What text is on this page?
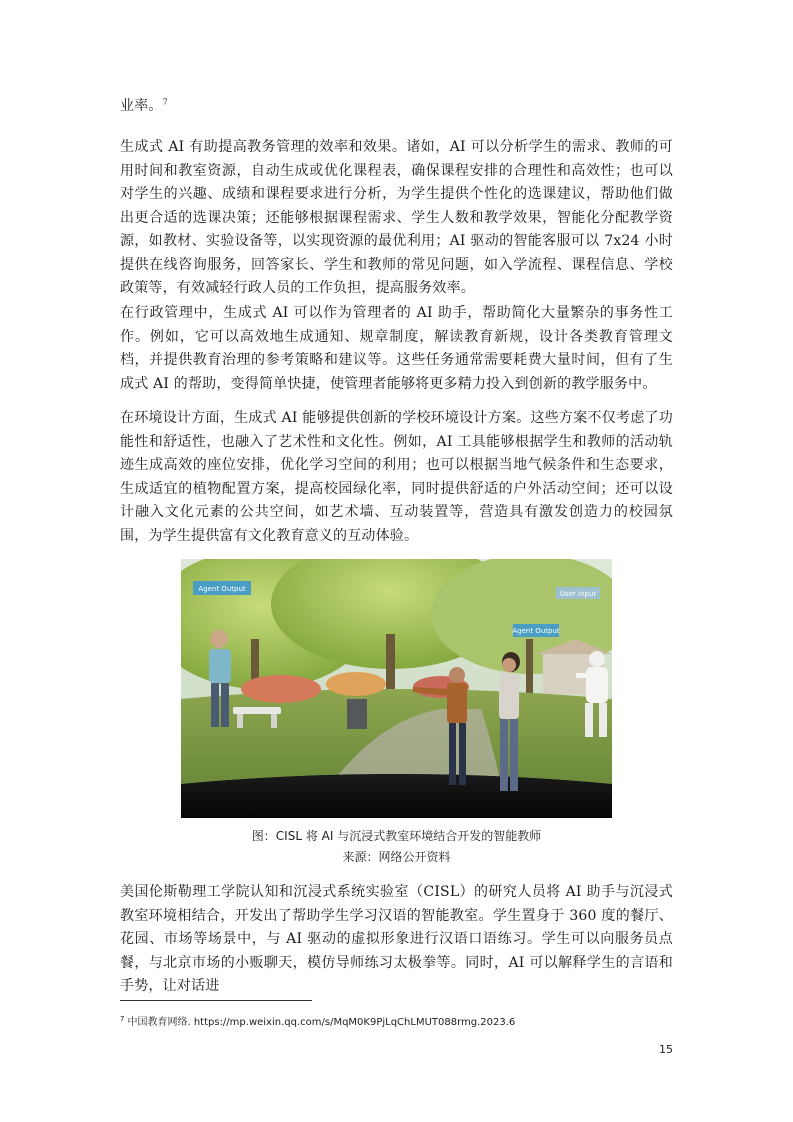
业率。$^7$

生成式 AI 有助提高教务管理的效率和效果。诸如，AI 可以分析学生的需求、教师的可用时间和教室资源，自动生成或优化课程表，确保课程安排的合理性和高效性；也可以对学生的兴趣、成绩和课程要求进行分析，为学生提供个性化的选课建议，帮助他们做出更合适的选课决策；还能够根据课程需求、学生人数和教学效果，智能化分配教学资源，如教材、实验设备等，以实现资源的最优利用；AI 驱动的智能客服可以 7x24 小时提供在线咨询服务，回答家长、学生和教师的常见问题，如入学流程、课程信息、学校政策等，有效减轻行政人员的工作负担，提高服务效率。

在行政管理中，生成式 AI 可以作为管理者的 AI 助手，帮助简化大量繁杂的事务性工作。例如，它可以高效地生成通知、规章制度，解读教育新规，设计各类教育管理文档，并提供教育治理的参考策略和建议等。这些任务通常需要耗费大量时间，但有了生成式 AI 的帮助，变得简单快捷，使管理者能够将更多精力投入到创新的教学服务中。

在环境设计方面，生成式 AI 能够提供创新的学校环境设计方案。这些方案不仅考虑了功能性和舒适性，也融入了艺术性和文化性。例如，AI 工具能够根据学生和教师的活动轨迹生成高效的座位安排，优化学习空间的利用；也可以根据当地气候条件和生态要求，生成适宜的植物配置方案，提高校园绿化率，同时提供舒适的户外活动空间；还可以设计融入文化元素的公共空间，如艺术墙、互动装置等，营造具有激发创造力的校园氛围，为学生提供富有文化教育意义的互动体验。

Agent Output
Agent Output
User Input

图：CISL 将 AI 与沉浸式教室环境结合开发的智能教师

来源：网络公开资料

美国伦斯勒理工学院认知和沉浸式系统实验室（CISL）的研究人员将 AI 助手与沉浸式教室环境相结合，开发出了帮助学生学习汉语的智能教室。学生置身于 360 度的餐厅、花园、市场等场景中，与 AI 驱动的虚拟形象进行汉语口语练习。学生可以向服务员点餐，与北京市场的小贩聊天，模仿导师练习太极拳等。同时，AI 可以解释学生的言语和手势，让对话进

$^7$ 中国教育网络. https://mp.weixin.qq.com/s/MqM0K9PjLqChLMUT088rmg.2023.6

15
